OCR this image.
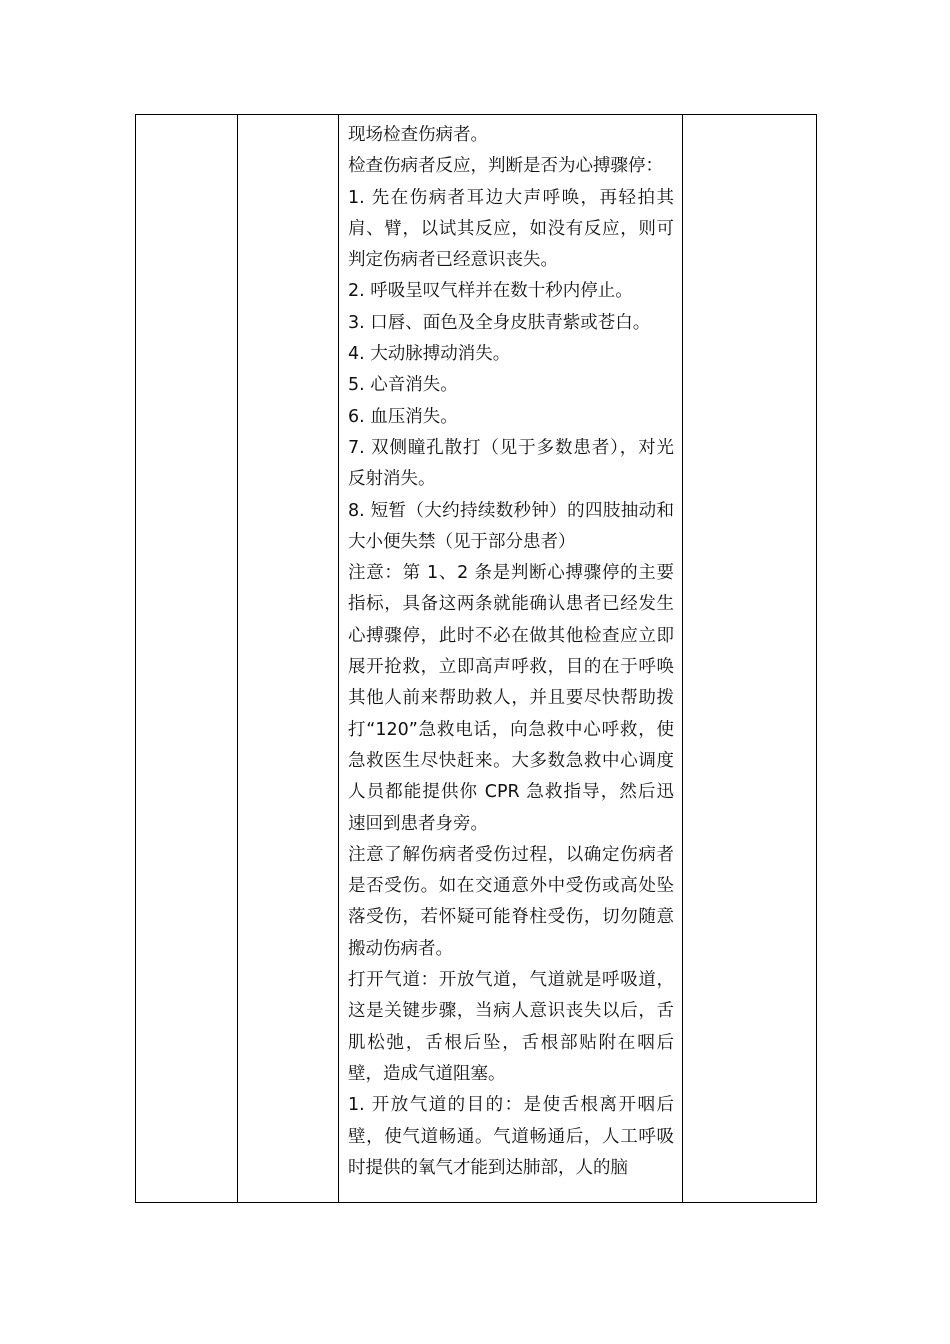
现场检查伤病者。

检查伤病者反应，判断是否为心搏骤停：

1. 先在伤病者耳边大声呼唤，再轻拍其肩、臂，以试其反应，如没有反应，则可判定伤病者已经意识丧失。

2. 呼吸呈叹气样并在数十秒内停止。

3. 口唇、面色及全身皮肤青紫或苍白。

4. 大动脉搏动消失。

5. 心音消失。

6. 血压消失。

7. 双侧瞳孔散打（见于多数患者），对光反射消失。

8. 短暂（大约持续数秒钟）的四肢抽动和大小便失禁（见于部分患者）

注意：第 1、2 条是判断心搏骤停的主要指标，具备这两条就能确认患者已经发生心搏骤停，此时不必在做其他检查应立即展开抢救，立即高声呼救，目的在于呼唤其他人前来帮助救人，并且要尽快帮助拨打“120”急救电话，向急救中心呼救，使急救医生尽快赶来。大多数急救中心调度人员都能提供你 CPR 急救指导，然后迅速回到患者身旁。

注意了解伤病者受伤过程，以确定伤病者是否受伤。如在交通意外中受伤或高处坠落受伤，若怀疑可能脊柱受伤，切勿随意搬动伤病者。

打开气道：开放气道，气道就是呼吸道，这是关键步骤，当病人意识丧失以后，舌肌松弛，舌根后坠，舌根部贴附在咽后壁，造成气道阻塞。

1. 开放气道的目的：是使舌根离开咽后壁，使气道畅通。气道畅通后，人工呼吸时提供的氧气才能到达肺部，人的脑
